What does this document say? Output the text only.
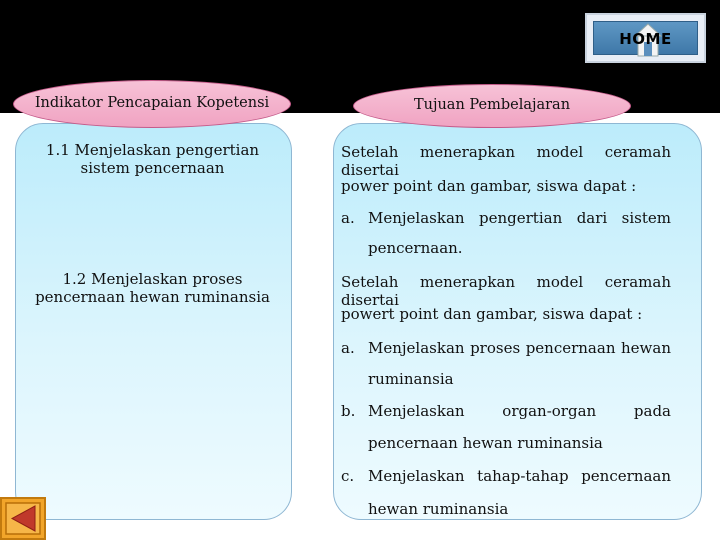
HOME
Indikator Pencapaian Kopetensi	Tujuan Pembelajaran
1.1 Menjelaskan pengertian sistem pencernaan
1.2 Menjelaskan proses pencernaan hewan ruminansia
Setelah menerapkan model ceramah disertai
power point dan gambar, siswa dapat :
a. Menjelaskan pengertian dari sistem
pencernaan.
Setelah menerapkan model ceramah disertai
powert point dan gambar, siswa dapat :
a. Menjelaskan proses pencernaan hewan
ruminansia
b. Menjelaskan organ-organ pada
pencernaan hewan ruminansia
c. Menjelaskan tahap-tahap pencernaan
hewan ruminansia
